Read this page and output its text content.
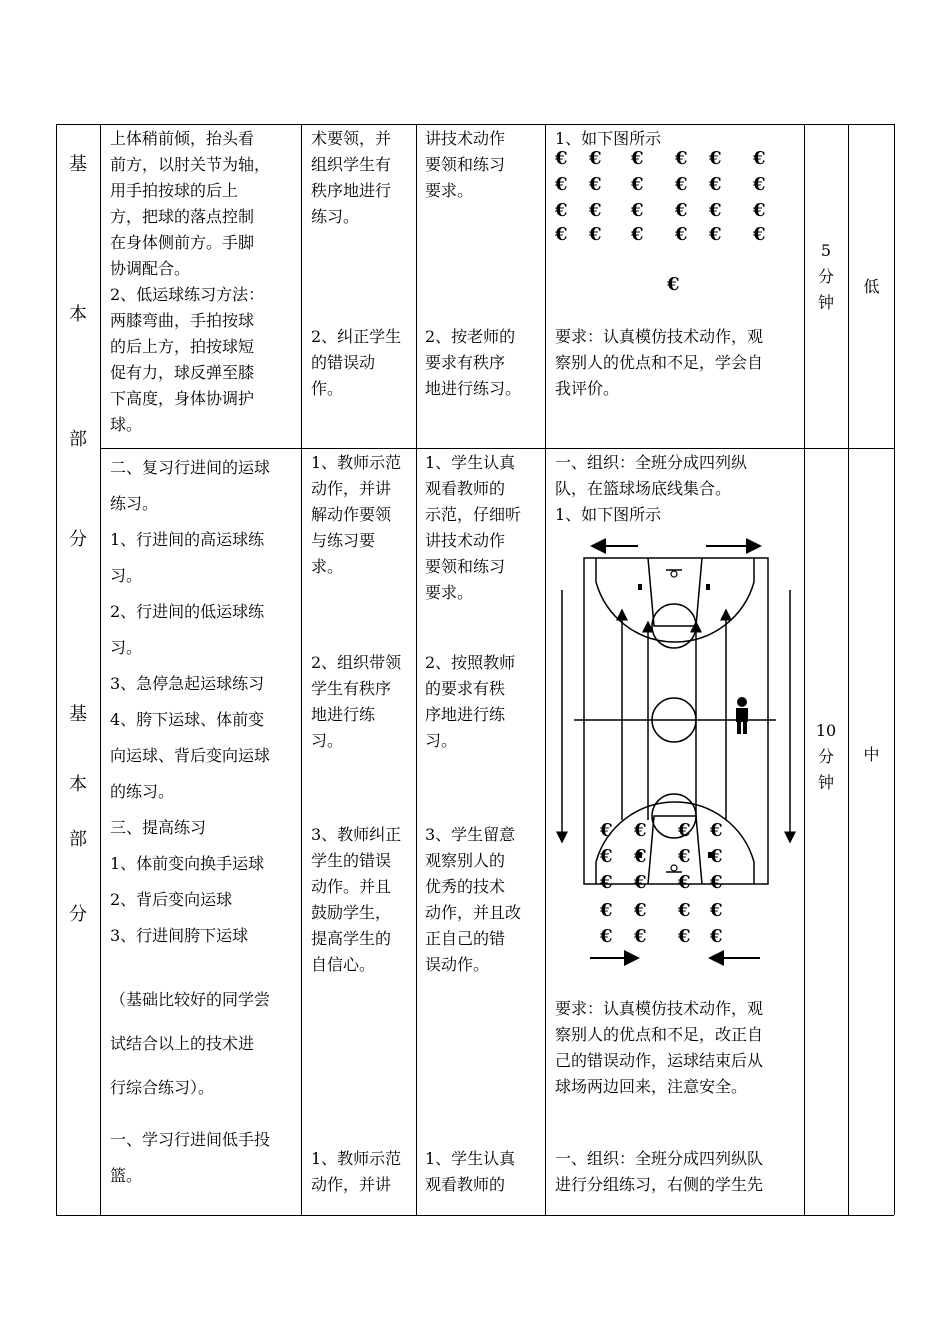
基
本
部
分
基
本
部
分
上体稍前倾，抬头看
前方，以肘关节为轴，
用手拍按球的后上
方，把球的落点控制
在身体侧前方。手脚
协调配合。
2、低运球练习方法：
两膝弯曲，手拍按球
的后上方，拍按球短
促有力，球反弹至膝
下高度，身体协调护
球。
术要领，并
组织学生有
秩序地进行
练习。
2、纠正学生
的错误动
作。
讲技术动作
要领和练习
要求。
2、按老师的
要求有秩序
地进行练习。
1、如下图所示
€ € € € € €
€ € € € € €
€ € € € € €
€ € € € € €
€
要求：认真模仿技术动作，观
察别人的优点和不足，学会自
我评价。
5
分
钟
低
二、复习行进间的运球
练习。
1、行进间的高运球练
习。
2、行进间的低运球练
习。
3、急停急起运球练习
4、胯下运球、体前变
向运球、背后变向运球
的练习。
三、提高练习
1、体前变向换手运球
2、背后变向运球
3、行进间胯下运球
（基础比较好的同学尝
试结合以上的技术进
行综合练习）。
一、学习行进间低手投
篮。
1、教师示范
动作，并讲
解动作要领
与练习要
求。
2、组织带领
学生有秩序
地进行练
习。
3、教师纠正
学生的错误
动作。并且
鼓励学生，
提高学生的
自信心。
1、教师示范
动作，并讲
1、学生认真
观看教师的
示范，仔细听
讲技术动作
要领和练习
要求。
2、按照教师
的要求有秩
序地进行练
习。
3、学生留意
观察别人的
优秀的技术
动作，并且改
正自己的错
误动作。
1、学生认真
观看教师的
一、组织：全班分成四列纵
队，在篮球场底线集合。
1、如下图所示
€ € € €
€ € € €
€ € € €
€ € € €
€ € € €
要求：认真模仿技术动作，观
察别人的优点和不足，改正自
己的错误动作，运球结束后从
球场两边回来，注意安全。
一、组织：全班分成四列纵队
进行分组练习，右侧的学生先
10
分
钟
中
